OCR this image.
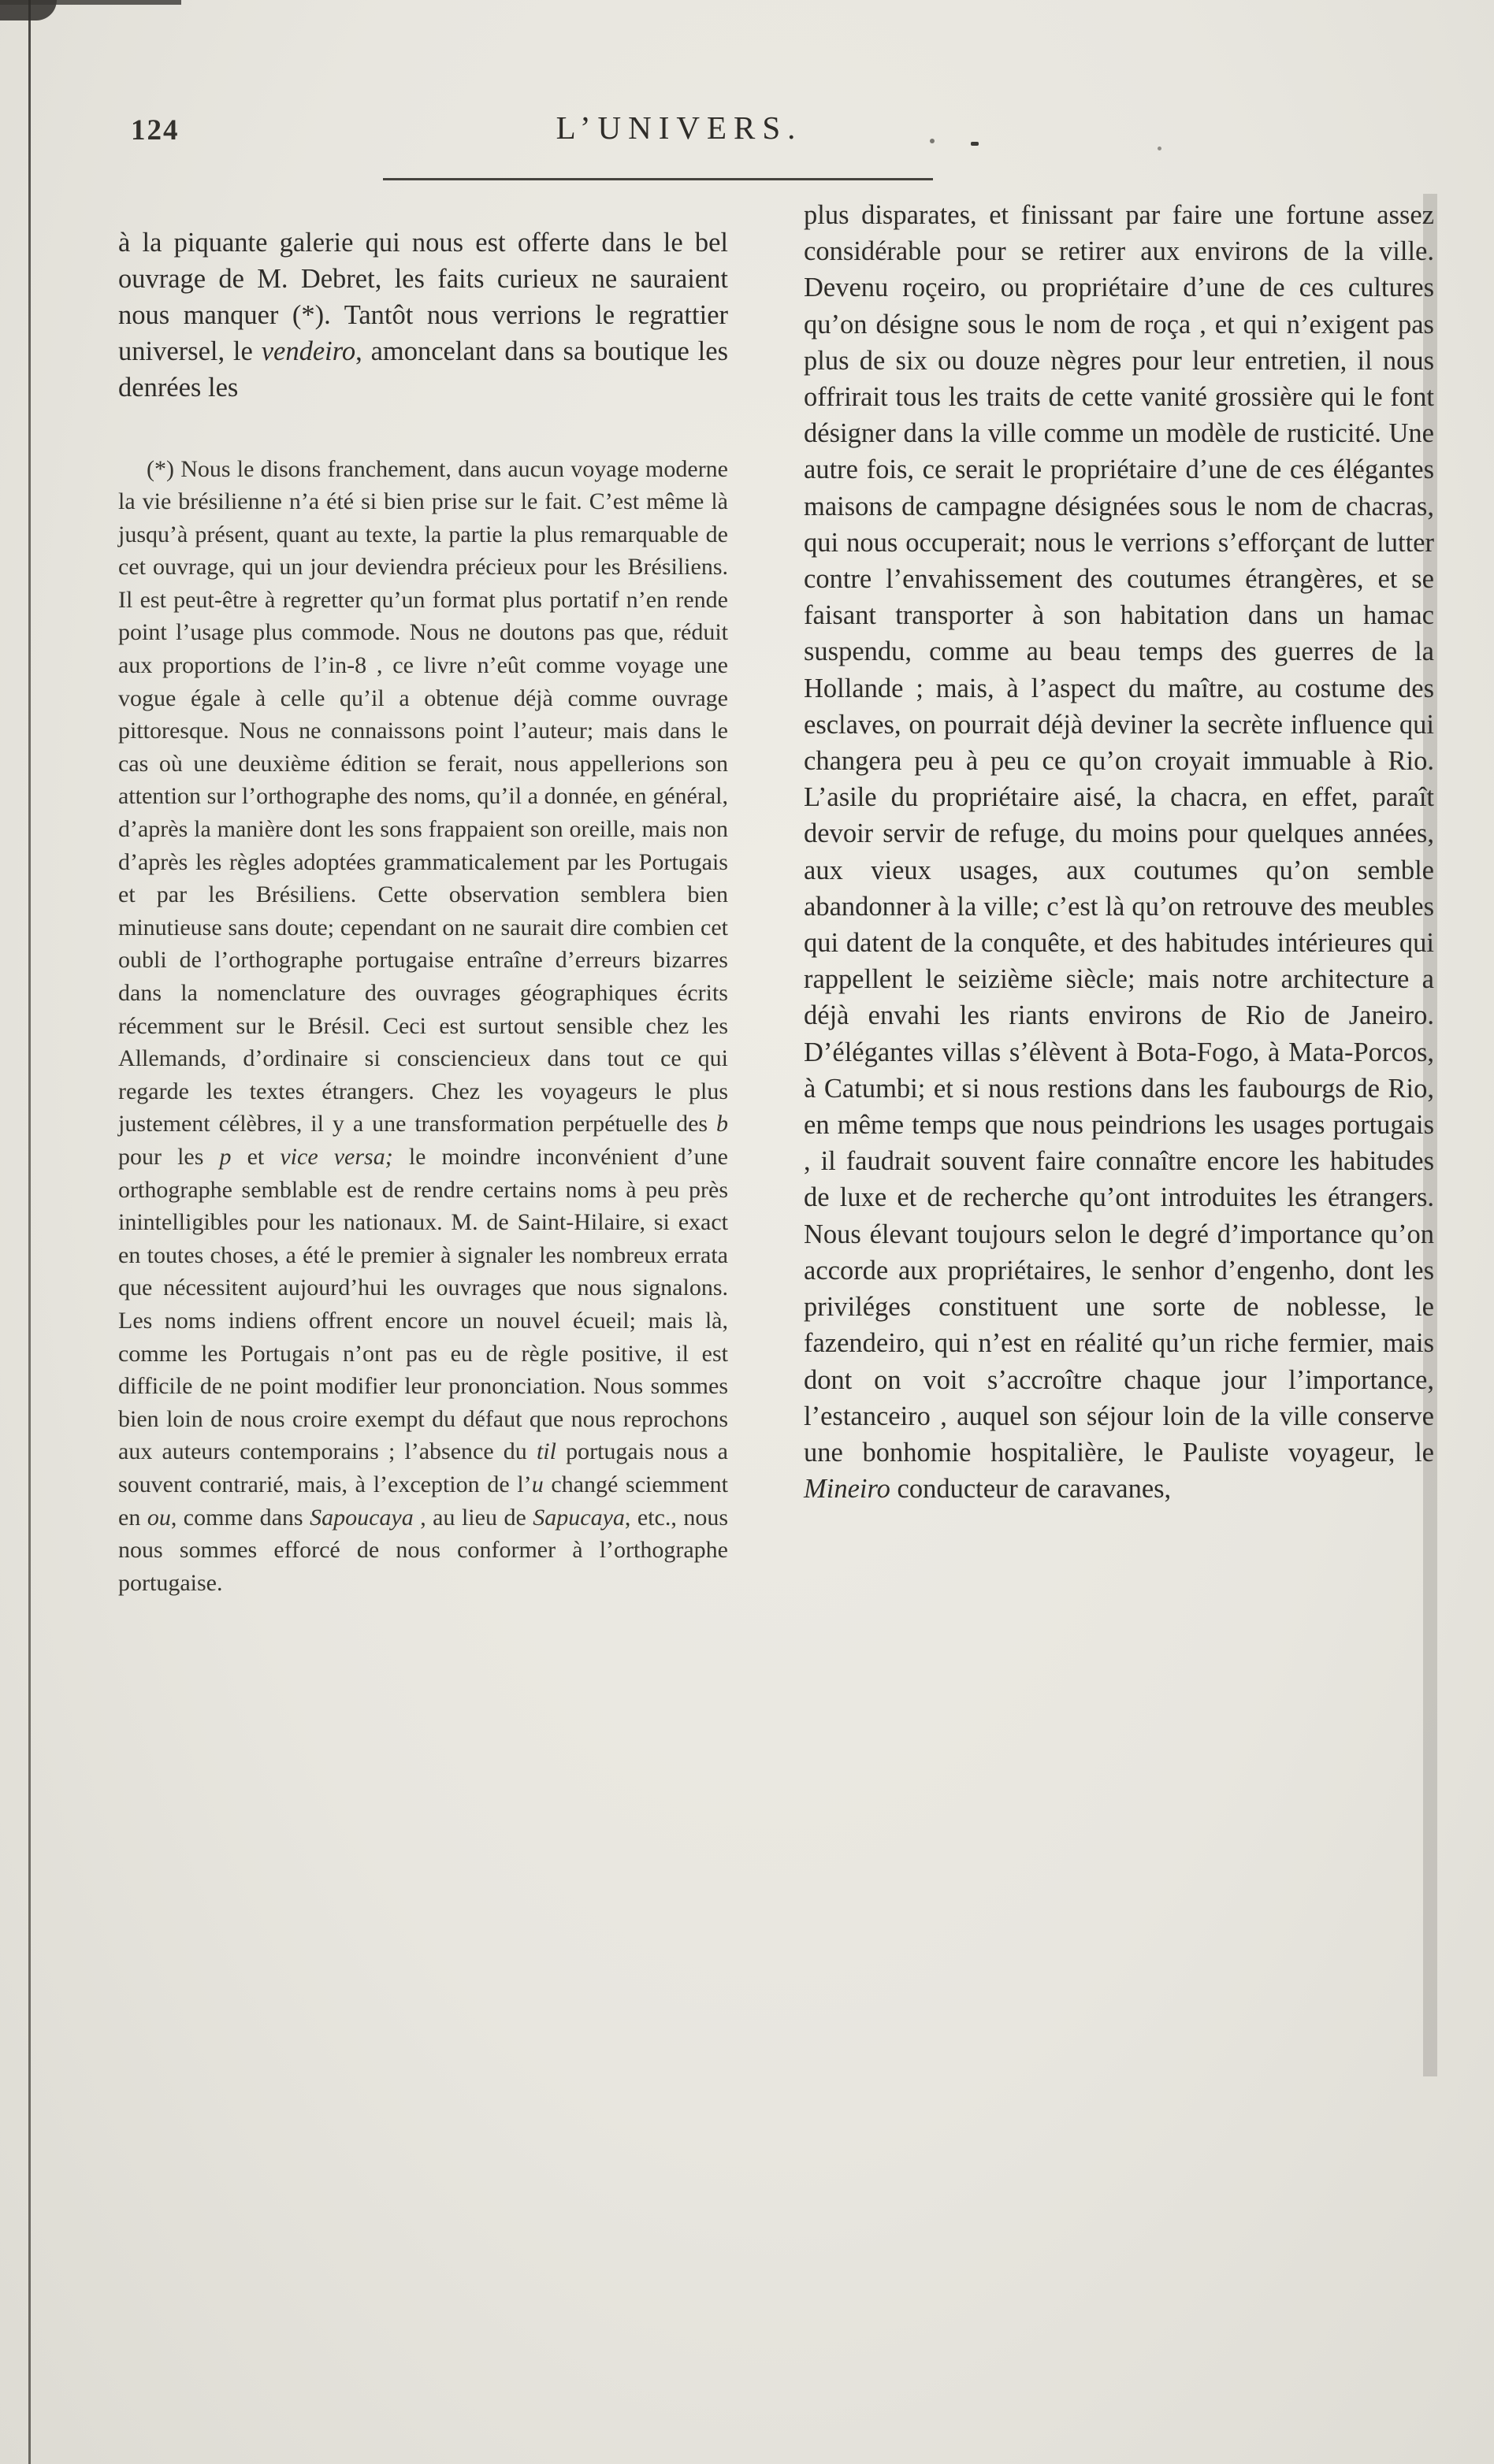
124	L’UNIVERS.

à la piquante galerie qui nous est offerte dans le bel ouvrage de M. Debret, les faits curieux ne sauraient nous manquer (*). Tantôt nous verrions le regrattier universel, le vendeiro, amoncelant dans sa boutique les denrées les

(*) Nous le disons franchement, dans aucun voyage moderne la vie brésilienne n’a été si bien prise sur le fait. C’est même là jusqu’à présent, quant au texte, la partie la plus remarquable de cet ouvrage, qui un jour deviendra précieux pour les Brésiliens. Il est peut-être à regretter qu’un format plus portatif n’en rende point l’usage plus commode. Nous ne doutons pas que, réduit aux proportions de l’in-8 , ce livre n’eût comme voyage une vogue égale à celle qu’il a obtenue déjà comme ouvrage pittoresque. Nous ne connaissons point l’auteur; mais dans le cas où une deuxième édition se ferait, nous appellerions son attention sur l’orthographe des noms, qu’il a donnée, en général, d’après la manière dont les sons frappaient son oreille, mais non d’après les règles adoptées grammaticalement par les Portugais et par les Brésiliens. Cette observation semblera bien minutieuse sans doute; cependant on ne saurait dire combien cet oubli de l’orthographe portugaise entraîne d’erreurs bizarres dans la nomenclature des ouvrages géographiques écrits récemment sur le Brésil. Ceci est surtout sensible chez les Allemands, d’ordinaire si consciencieux dans tout ce qui regarde les textes étrangers. Chez les voyageurs le plus justement célèbres, il y a une transformation perpétuelle des b pour les p et vice versa; le moindre inconvénient d’une orthographe semblable est de rendre certains noms à peu près inintelligibles pour les nationaux. M. de Saint-Hilaire, si exact en toutes choses, a été le premier à signaler les nombreux errata que nécessitent aujourd’hui les ouvrages que nous signalons. Les noms indiens offrent encore un nouvel écueil; mais là, comme les Portugais n’ont pas eu de règle positive, il est difficile de ne point modifier leur prononciation. Nous sommes bien loin de nous croire exempt du défaut que nous reprochons aux auteurs contemporains ; l’absence du til portugais nous a souvent contrarié, mais, à l’exception de l’u changé sciemment en ou, comme dans Sapoucaya , au lieu de Sapucaya, etc., nous nous sommes efforcé de nous conformer à l’orthographe portugaise.

plus disparates, et finissant par faire une fortune assez considérable pour se retirer aux environs de la ville. Devenu roçeiro, ou propriétaire d’une de ces cultures qu’on désigne sous le nom de roça , et qui n’exigent pas plus de six ou douze nègres pour leur entretien, il nous offrirait tous les traits de cette vanité grossière qui le font désigner dans la ville comme un modèle de rusticité. Une autre fois, ce serait le propriétaire d’une de ces élégantes maisons de campagne désignées sous le nom de chacras, qui nous occuperait; nous le verrions s’efforçant de lutter contre l’envahissement des coutumes étrangères, et se faisant transporter à son habitation dans un hamac suspendu, comme au beau temps des guerres de la Hollande ; mais, à l’aspect du maître, au costume des esclaves, on pourrait déjà deviner la secrète influence qui changera peu à peu ce qu’on croyait immuable à Rio. L’asile du propriétaire aisé, la chacra, en effet, paraît devoir servir de refuge, du moins pour quelques années, aux vieux usages, aux coutumes qu’on semble abandonner à la ville; c’est là qu’on retrouve des meubles qui datent de la conquête, et des habitudes intérieures qui rappellent le seizième siècle; mais notre architecture a déjà envahi les riants environs de Rio de Janeiro. D’élégantes villas s’élèvent à Bota-Fogo, à Mata-Porcos, à Catumbi; et si nous restions dans les faubourgs de Rio, en même temps que nous peindrions les usages portugais , il faudrait souvent faire connaître encore les habitudes de luxe et de recherche qu’ont introduites les étrangers. Nous élevant toujours selon le degré d’importance qu’on accorde aux propriétaires, le senhor d’engenho, dont les priviléges constituent une sorte de noblesse, le fazendeiro, qui n’est en réalité qu’un riche fermier, mais dont on voit s’accroître chaque jour l’importance, l’estanceiro , auquel son séjour loin de la ville conserve une bonhomie hospitalière, le Pauliste voyageur, le Mineiro conducteur de caravanes,
